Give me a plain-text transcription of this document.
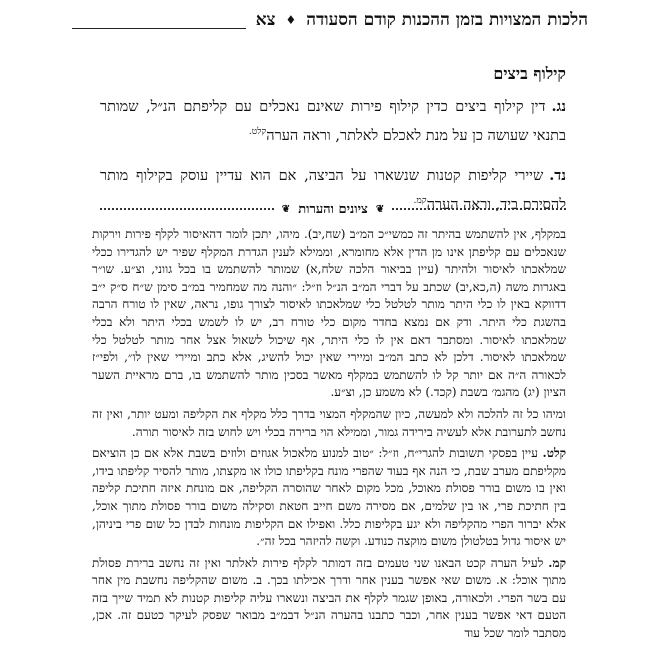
הלכות המצויות בזמן ההכנות קודם הסעודה
♦
צא
קילוף ביצים

נג.דין קילוף ביצים כדין קילוף פירות שאינם נאכלים עם קליפתם הנ״ל, שמותר בתנאי שעושה כן על מנת לאכלם לאלתר, וראה הערה$^{קלט.}$

נד.שיירי קליפות קטנות שנשארו על הביצה, אם הוא עדיין עוסק בקילוף מותר להסירם ביד, וראה הערה$^{קמ.}$

❦
ציונים והערות
❦

במקלף, אין להשתמש בהיתר זה כמשי״כ המ״ב (שח,יב). מיהו, יתכן לומר דהאיסור לקלף פירות וירקות שנאכלים עם קליפתן אינו מן הדין אלא מחומרא, וממילא לענין הגדרת המקלף שפיר יש להגדירו ככלי שמלאכתו לאיסור ולהיתר (עיין בביאור הלכה שלח,א) שמותר להשתמש בו בכל גווני, וצ״ע. שו״ר באגרות משה (ה,כא,יב) שכתב על דברי המ״ב הנ״ל וז״ל: ״והנה מה שמחמיר במ״ב סימן ש״ח ס״ק י״ב דדווקא באין לו כלי היתר מותר לטלטל כלי שמלאכתו לאיסור לצורך גופו, נראה, שאין לו טורח הרבה בהשגת כלי היתר. ודק אם נמצא בחדר מקום כלי טורח רב, יש לו לשמש בכלי היתר ולא בכלי שמלאכתו לאיסור. ומסתבר דאם אין לו כלי היתר, אף שיכול לשאול אצל אחר מותר לטלטל כלי שמלאכתו לאיסור. דלכן לא כתב המ״ב ומיירי שאין יכול להשיג, אלא כתב ומיירי שאין לו״, ולפי״ז לכאורה ה״ה אם יותר קל לו להשתמש במקלף מאשר בסכין מותר להשתמש בו, ברם מראיית השער הציון (יג) מהגמ׳ בשבת (קכד.) לא משמע כן, וצ״ע.

ומיהו כל זה להלכה ולא למעשה, כיון שהמקלף המצוי בדרך כלל מקלף את הקליפה ומעט יותר, ואין זה נחשב לתערובת אלא לעשיה בירידה גמור, וממילא הוי ברירה בכלי ויש לחוש בזה לאיסור תורה.

קלט. עיין בפסקי תשובות להגרי״ח, וז״ל: ״טוב למנוע מלאכול אגוזים ולוזים בשבת אלא אם כן הוציאם מקליפתם מערב שבת, כי הנה אף בעוד שהפרי מונח בקליפתו כולו או מקצתו, מותר להסיר קליפתו בידו, ואין בו משום בורר פסולת מאוכל, מכל מקום לאחר שהוסרה הקליפה, אם מונחת איזה חתיכת קליפה בין חתיכת פרי, או בין שלמים, אם מסירה משם חייב חטאת וסקילה משום בורר פסולת מתוך אוכל, אלא יברור הפרי מהקליפה ולא יגע בקליפות כלל. ואפילו אם הקליפות מונחות לבדן כל שום פרי ביניהן, יש איסור גדול בטלטולן משום מוקצה כנודע. וקשה להיזהר בכל זה״.

קמ. לעיל הערה קכט הבאנו שני טעמים בזה דמותר לקלף פירות לאלתר ואין זה נחשב ברירת פסולת מתוך אוכל: א. משום שאי אפשר בענין אחר ודרך אכילתו בכך. ב. משום שהקליפה נחשבת מין אחר עם בשר הפרי. ולכאורה, באופן שגמר לקלף את הביצה ונשארו עליה קליפות קטנות לא תמיד שייך בזה הטעם דאי אפשר בענין אחר, וכבר כתבנו בהערה הנ״ל דבמ״ב מבואר שפסק לעיקר כטעם זה. אכן, מסתבר לומר שכל עוד
